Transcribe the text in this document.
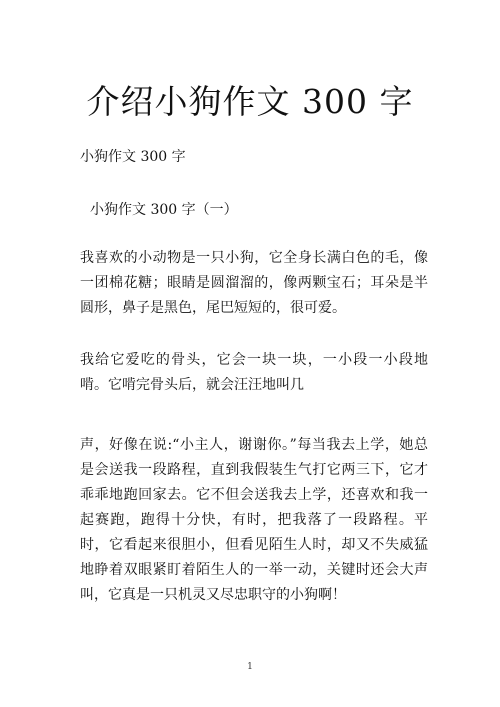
介绍小狗作文 300 字

小狗作文 300 字

小狗作文 300 字（一）

我喜欢的小动物是一只小狗，它全身长满白色的毛，像一团棉花糖；眼睛是圆溜溜的，像两颗宝石；耳朵是半圆形，鼻子是黑色，尾巴短短的，很可爱。

我给它爱吃的骨头，它会一块一块，一小段一小段地啃。它啃完骨头后，就会汪汪地叫几

声，好像在说:“小主人，谢谢你。”每当我去上学，她总是会送我一段路程，直到我假装生气打它两三下，它才乖乖地跑回家去。它不但会送我去上学，还喜欢和我一起赛跑，跑得十分快，有时，把我落了一段路程。平时，它看起来很胆小，但看见陌生人时，却又不失威猛地睁着双眼紧盯着陌生人的一举一动，关键时还会大声叫，它真是一只机灵又尽忠职守的小狗啊！

1
